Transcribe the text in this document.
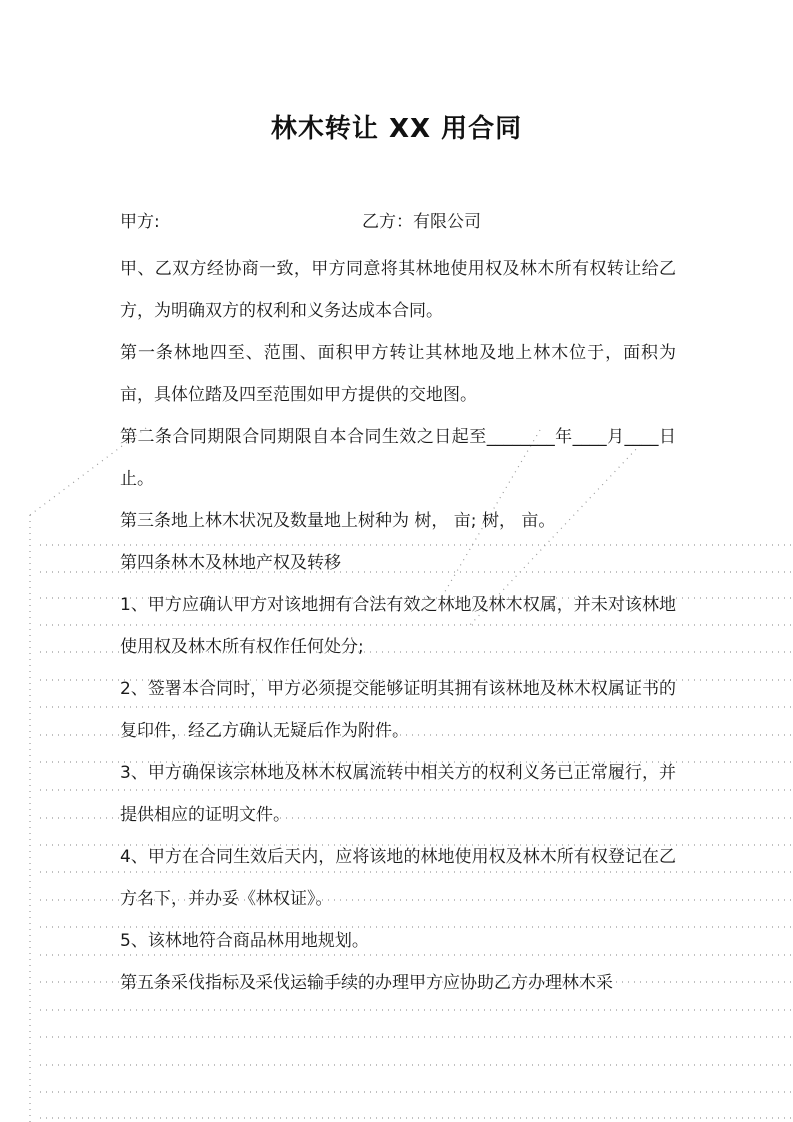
林木转让 XX 用合同
甲方:	乙方：有限公司

甲、乙双方经协商一致，甲方同意将其林地使用权及林木所有权转让给乙方，为明确双方的权利和义务达成本合同。

第一条林地四至、范围、面积甲方转让其林地及地上林木位于，面积为亩，具体位踏及四至范围如甲方提供的交地图。

第二条合同期限合同期限自本合同生效之日起至________年____月____日止。

第三条地上林木状况及数量地上树种为 树， 亩; 树， 亩。

第四条林木及林地产权及转移

1、甲方应确认甲方对该地拥有合法有效之林地及林木权属，并未对该林地使用权及林木所有权作任何处分;

2、签署本合同时，甲方必须提交能够证明其拥有该林地及林木权属证书的复印件，经乙方确认无疑后作为附件。

3、甲方确保该宗林地及林木权属流转中相关方的权利义务已正常履行，并提供相应的证明文件。

4、甲方在合同生效后天内，应将该地的林地使用权及林木所有权登记在乙方名下，并办妥《林权证》。

5、该林地符合商品林用地规划。

第五条采伐指标及采伐运输手续的办理甲方应协助乙方办理林木采
